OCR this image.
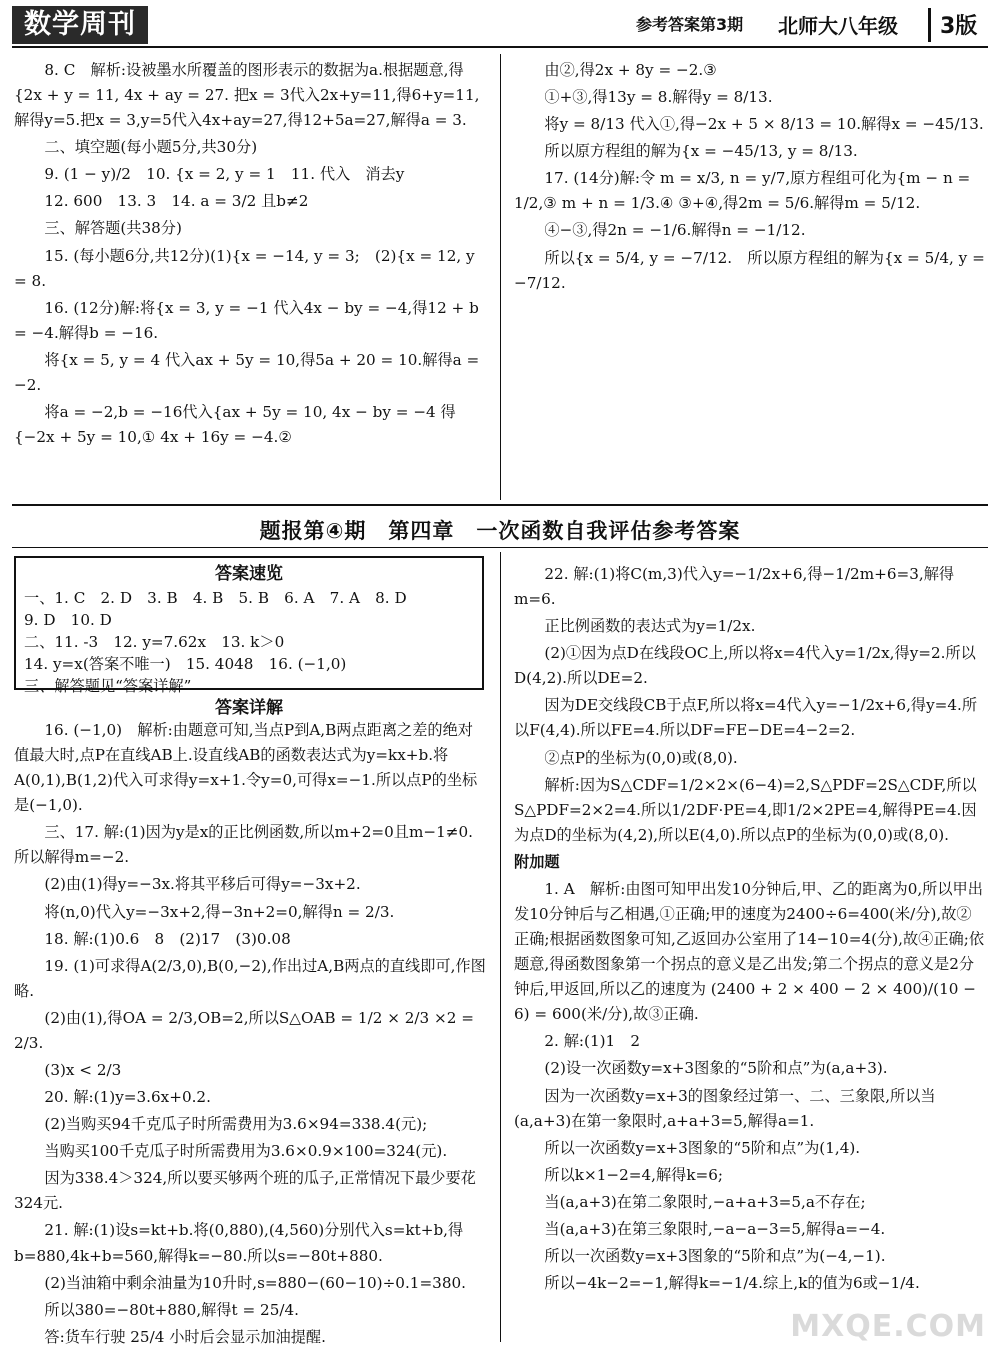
数学周刊	参考答案第3期 北师大八年级 3版

8. C　解析:设被墨水所覆盖的图形表示的数据为a.根据题意,得{2x + y = 11, 4x + ay = 27. 把x = 3代入2x+y=11,得6+y=11,解得y=5.把x = 3,y=5代入4x+ay=27,得12+5a=27,解得a = 3.

二、填空题(每小题5分,共30分)

9. (1 − y)/2　10. {x = 2, y = 1　11. 代入　消去y

12. 600　13. 3　14. a = 3/2 且b≠2

三、解答题(共38分)

15. (每小题6分,共12分)(1){x = −14, y = 3;　(2){x = 12, y = 8.

16. (12分)解:将{x = 3, y = −1 代入4x − by = −4,得12 + b = −4.解得b = −16.

将{x = 5, y = 4 代入ax + 5y = 10,得5a + 20 = 10.解得a = −2.

将a = −2,b = −16代入{ax + 5y = 10, 4x − by = −4 得{−2x + 5y = 10,① 4x + 16y = −4.②

由②,得2x + 8y = −2.③

①+③,得13y = 8.解得y = 8/13.

将y = 8/13 代入①,得−2x + 5 × 8/13 = 10.解得x = −45/13.

所以原方程组的解为{x = −45/13, y = 8/13.

17. (14分)解:令 m = x/3, n = y/7,原方程组可化为{m − n = 1/2,③ m + n = 1/3.④ ③+④,得2m = 5/6.解得m = 5/12.

④−③,得2n = −1/6.解得n = −1/12.

所以{x = 5/4, y = −7/12.　所以原方程组的解为{x = 5/4, y = −7/12.

题报第④期　第四章　一次函数自我评估参考答案
答案速览
一、1. C　2. D　3. B　4. B　5. B　6. A　7. A　8. D
9. D　10. D
二、11. -3　12. y=7.62x　13. k＞0
14. y=x(答案不唯一)　15. 4048　16. (−1,0)
三、解答题见“答案详解”
答案详解

16. (−1,0)　解析:由题意可知,当点P到A,B两点距离之差的绝对值最大时,点P在直线AB上.设直线AB的函数表达式为y=kx+b.将A(0,1),B(1,2)代入可求得y=x+1.令y=0,可得x=−1.所以点P的坐标是(−1,0).

三、17. 解:(1)因为y是x的正比例函数,所以m+2=0且m−1≠0.所以解得m=−2.

(2)由(1)得y=−3x.将其平移后可得y=−3x+2.

将(n,0)代入y=−3x+2,得−3n+2=0,解得n = 2/3.

18. 解:(1)0.6　8　(2)17　(3)0.08

19. (1)可求得A(2/3,0),B(0,−2),作出过A,B两点的直线即可,作图略.

(2)由(1),得OA = 2/3,OB=2,所以S△OAB = 1/2 × 2/3 ×2 = 2/3.

(3)x < 2/3

20. 解:(1)y=3.6x+0.2.

(2)当购买94千克瓜子时所需费用为3.6×94=338.4(元);

当购买100千克瓜子时所需费用为3.6×0.9×100=324(元).

因为338.4＞324,所以要买够两个班的瓜子,正常情况下最少要花324元.

21. 解:(1)设s=kt+b.将(0,880),(4,560)分别代入s=kt+b,得b=880,4k+b=560,解得k=−80.所以s=−80t+880.

(2)当油箱中剩余油量为10升时,s=880−(60−10)÷0.1=380.

所以380=−80t+880,解得t = 25/4.

答:货车行驶 25/4 小时后会显示加油提醒.

22. 解:(1)将C(m,3)代入y=−1/2x+6,得−1/2m+6=3,解得m=6.

正比例函数的表达式为y=1/2x.

(2)①因为点D在线段OC上,所以将x=4代入y=1/2x,得y=2.所以D(4,2).所以DE=2.

因为DE交线段CB于点F,所以将x=4代入y=−1/2x+6,得y=4.所以F(4,4).所以FE=4.所以DF=FE−DE=4−2=2.

②点P的坐标为(0,0)或(8,0).

解析:因为S△CDF=1/2×2×(6−4)=2,S△PDF=2S△CDF,所以S△PDF=2×2=4.所以1/2DF·PE=4,即1/2×2PE=4,解得PE=4.因为点D的坐标为(4,2),所以E(4,0).所以点P的坐标为(0,0)或(8,0).

附加题

1. A　解析:由图可知甲出发10分钟后,甲、乙的距离为0,所以甲出发10分钟后与乙相遇,①正确;甲的速度为2400÷6=400(米/分),故②正确;根据函数图象可知,乙返回办公室用了14−10=4(分),故④正确;依题意,得函数图象第一个拐点的意义是乙出发;第二个拐点的意义是2分钟后,甲返回,所以乙的速度为 (2400 + 2 × 400 − 2 × 400)/(10 − 6) = 600(米/分),故③正确.

2. 解:(1)1　2

(2)设一次函数y=x+3图象的“5阶和点”为(a,a+3).

因为一次函数y=x+3的图象经过第一、二、三象限,所以当(a,a+3)在第一象限时,a+a+3=5,解得a=1.

所以一次函数y=x+3图象的“5阶和点”为(1,4).

所以k×1−2=4,解得k=6;

当(a,a+3)在第二象限时,−a+a+3=5,a不存在;

当(a,a+3)在第三象限时,−a−a−3=5,解得a=−4.

所以一次函数y=x+3图象的“5阶和点”为(−4,−1).

所以−4k−2=−1,解得k=−1/4.综上,k的值为6或−1/4.

MXQE.COM
